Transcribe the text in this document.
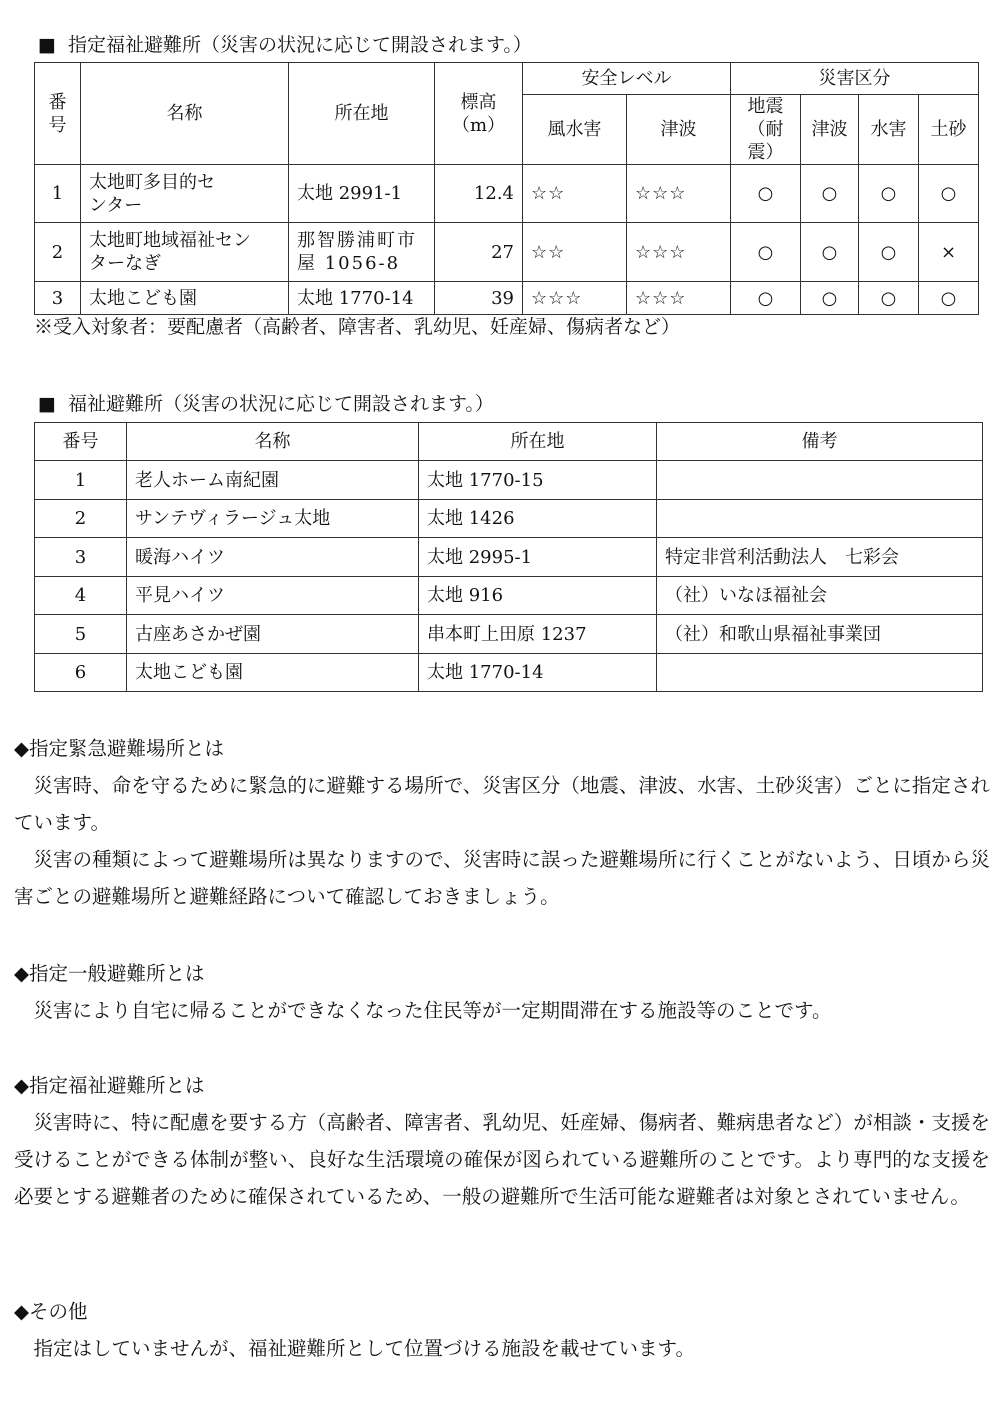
■ 指定福祉避難所（災害の状況に応じて開設されます。）
番号	名称	所在地	標高（m）	安全レベル		災害区分			
				風水害	津波	地震（耐震）	津波	水害	土砂
1	太地町多目的センター	太地 2991-1	12.4	☆☆	☆☆☆	○	○	○	○
2	太地町地域福祉センターなぎ	那智勝浦町市屋 1056-8	27	☆☆	☆☆☆	○	○	○	×
3	太地こども園	太地 1770-14	39	☆☆☆	☆☆☆	○	○	○	○
※受入対象者：要配慮者（高齢者、障害者、乳幼児、妊産婦、傷病者など）
■ 福祉避難所（災害の状況に応じて開設されます。）
番号	名称	所在地	備考
1	老人ホーム南紀園	太地 1770-15	
2	サンテヴィラージュ太地	太地 1426	
3	暖海ハイツ	太地 2995-1	特定非営利活動法人　七彩会
4	平見ハイツ	太地 916	（社）いなほ福祉会
5	古座あさかぜ園	串本町上田原 1237	（社）和歌山県福祉事業団
6	太地こども園	太地 1770-14	
◆指定緊急避難場所とは
災害時、命を守るために緊急的に避難する場所で、災害区分（地震、津波、水害、土砂災害）ごとに指定されています。
災害の種類によって避難場所は異なりますので、災害時に誤った避難場所に行くことがないよう、日頃から災害ごとの避難場所と避難経路について確認しておきましょう。
◆指定一般避難所とは
災害により自宅に帰ることができなくなった住民等が一定期間滞在する施設等のことです。
◆指定福祉避難所とは
災害時に、特に配慮を要する方（高齢者、障害者、乳幼児、妊産婦、傷病者、難病患者など）が相談・支援を受けることができる体制が整い、良好な生活環境の確保が図られている避難所のことです。より専門的な支援を必要とする避難者のために確保されているため、一般の避難所で生活可能な避難者は対象とされていません。
◆その他
指定はしていませんが、福祉避難所として位置づける施設を載せています。
